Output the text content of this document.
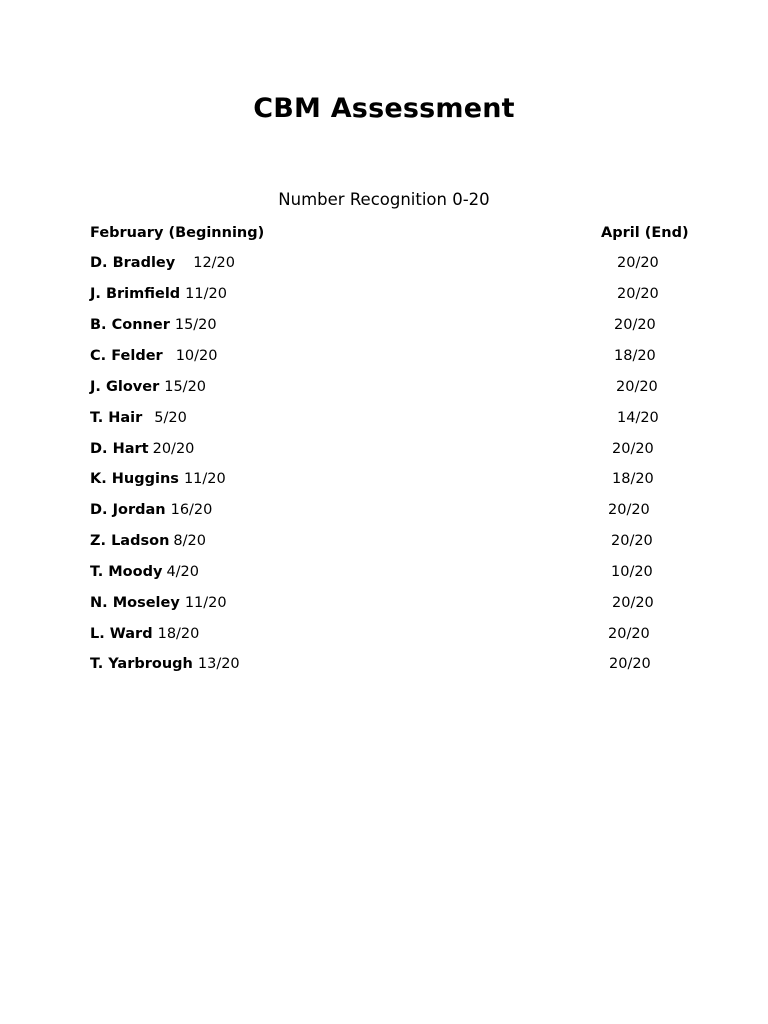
CBM Assessment
Number Recognition 0-20
February (Beginning)	April (End)
D. Bradley 12/20	20/20
J. Brimfield 11/20	20/20
B. Conner 15/20	20/20
C. Felder 10/20	18/20
J. Glover 15/20	20/20
T. Hair 5/20	14/20
D. Hart 20/20	20/20
K. Huggins 11/20	18/20
D. Jordan 16/20	20/20
Z. Ladson 8/20	20/20
T. Moody 4/20	10/20
N. Moseley 11/20	20/20
L. Ward 18/20	20/20
T. Yarbrough 13/20	20/20
